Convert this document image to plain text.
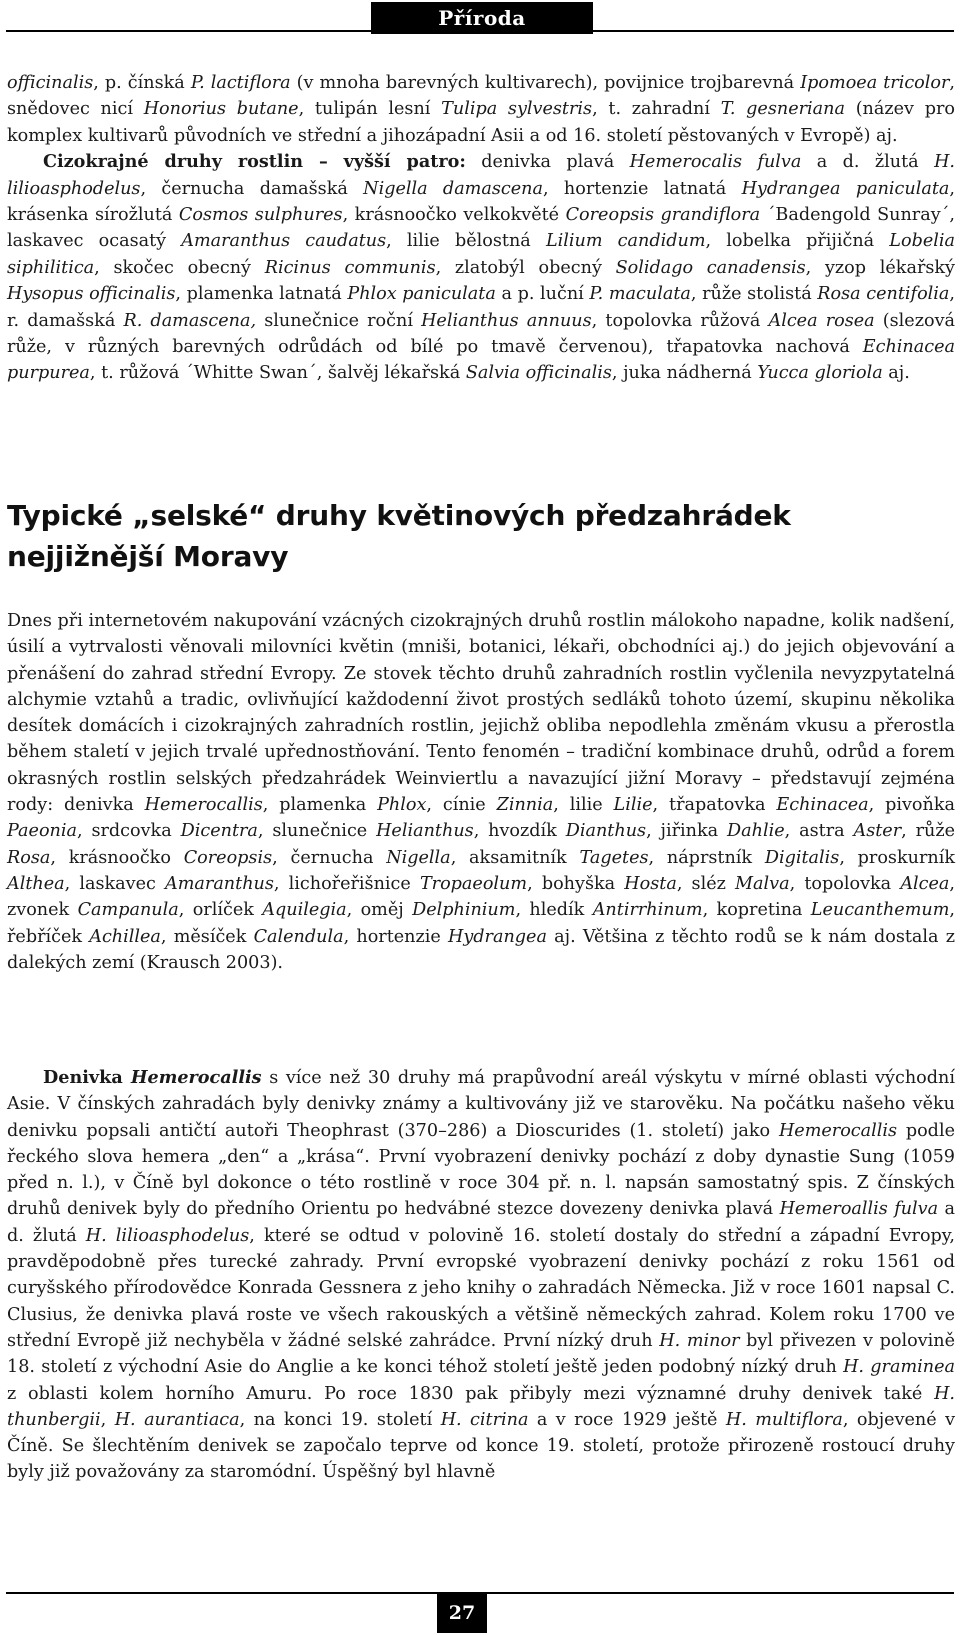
Příroda

officinalis, p. čínská P. lactiflora (v mnoha barevných kultivarech), povijnice trojbarevná Ipomoea tricolor, snědovec nicí Honorius butane, tulipán lesní Tulipa sylvestris, t. zahradní T. gesneriana (název pro komplex kultivarů původních ve střední a jihozápadní Asii a od 16. století pěstovaných v Evropě) aj.
Cizokrajné druhy rostlin – vyšší patro: denivka plavá Hemerocalis fulva a d. žlutá H. lilioasphodelus, černucha damašská Nigella damascena, hortenzie latnatá Hydrangea paniculata, krásenka sírožlutá Cosmos sulphures, krásnoočko velkokvěté Coreopsis grandiflora ´Badengold Sunray´, laskavec ocasatý Amaranthus caudatus, lilie bělostná Lilium candidum, lobelka přijičná Lobelia siphilitica, skočec obecný Ricinus communis, zlatobýl obecný Solidago canadensis, yzop lékařský Hysopus officinalis, plamenka latnatá Phlox paniculata a p. luční P. maculata, růže stolistá Rosa centifolia, r. damašská R. damascena, slunečnice roční Helianthus annuus, topolovka růžová Alcea rosea (slezová růže, v různých barevných odrůdách od bílé po tmavě červenou), třapatovka nachová Echinacea purpurea, t. růžová ´Whitte Swan´, šalvěj lékařská Salvia officinalis, juka nádherná Yucca gloriola aj.

Typické „selské“ druhy květinových předzahrádek
nejjižnější Moravy

Dnes při internetovém nakupování vzácných cizokrajných druhů rostlin málokoho napadne, kolik nadšení, úsilí a vytrvalosti věnovali milovníci květin (mniši, botanici, lékaři, obchodníci aj.) do jejich objevování a přenášení do zahrad střední Evropy. Ze stovek těchto druhů zahradních rostlin vyčlenila nevyzpytatelná alchymie vztahů a tradic, ovlivňující každodenní život prostých sedláků tohoto území, skupinu několika desítek domácích i cizokrajných zahradních rostlin, jejichž obliba nepodlehla změnám vkusu a přerostla během staletí v jejich trvalé upřednostňování. Tento fenomén – tradiční kombinace druhů, odrůd a forem okrasných rostlin selských předzahrádek Weinviertlu a navazující jižní Moravy – představují zejména rody: denivka Hemerocallis, plamenka Phlox, cínie Zinnia, lilie Lilie, třapatovka Echinacea, pivoňka Paeonia, srdcovka Dicentra, slunečnice Helianthus, hvozdík Dianthus, jiřinka Dahlie, astra Aster, růže Rosa, krásnoočko Coreopsis, černucha Nigella, aksamitník Tagetes, náprstník Digitalis, proskurník Althea, laskavec Amaranthus, lichořeřišnice Tropaeolum, bohyška Hosta, sléz Malva, topolovka Alcea, zvonek Campanula, orlíček Aquilegia, oměj Delphinium, hledík Antirrhinum, kopretina Leucanthemum, řebříček Achillea, měsíček Calendula, hortenzie Hydrangea aj. Většina z těchto rodů se k nám dostala z dalekých zemí (Krausch 2003).

Denivka Hemerocallis s více než 30 druhy má prapůvodní areál výskytu v mírné oblasti východní Asie. V čínských zahradách byly denivky známy a kultivovány již ve starověku. Na počátku našeho věku denivku popsali antičtí autoři Theophrast (370–286) a Dioscurides (1. století) jako Hemerocallis podle řeckého slova hemera „den“ a „krása“. První vyobrazení denivky pochází z doby dynastie Sung (1059 před n. l.), v Číně byl dokonce o této rostlině v roce 304 př. n. l. napsán samostatný spis. Z čínských druhů denivek byly do předního Orientu po hedvábné stezce dovezeny denivka plavá Hemeroallis fulva a d. žlutá H. lilioasphodelus, které se odtud v polovině 16. století dostaly do střední a západní Evropy, pravděpodobně přes turecké zahrady. První evropské vyobrazení denivky pochází z roku 1561 od curyšského přírodovědce Konrada Gessnera z jeho knihy o zahradách Německa. Již v roce 1601 napsal C. Clusius, že denivka plavá roste ve všech rakouských a většině německých zahrad. Kolem roku 1700 ve střední Evropě již nechyběla v žádné selské zahrádce. První nízký druh H. minor byl přivezen v polovině 18. století z východní Asie do Anglie a ke konci téhož století ještě jeden podobný nízký druh H. graminea z oblasti kolem horního Amuru. Po roce 1830 pak přibyly mezi významné druhy denivek také H. thunbergii, H. aurantiaca, na konci 19. století H. citrina a v roce 1929 ještě H. multiflora, objevené v Číně. Se šlechtěním denivek se započalo teprve od konce 19. století, protože přirozeně rostoucí druhy byly již považovány za staromódní. Úspěšný byl hlavně

27
